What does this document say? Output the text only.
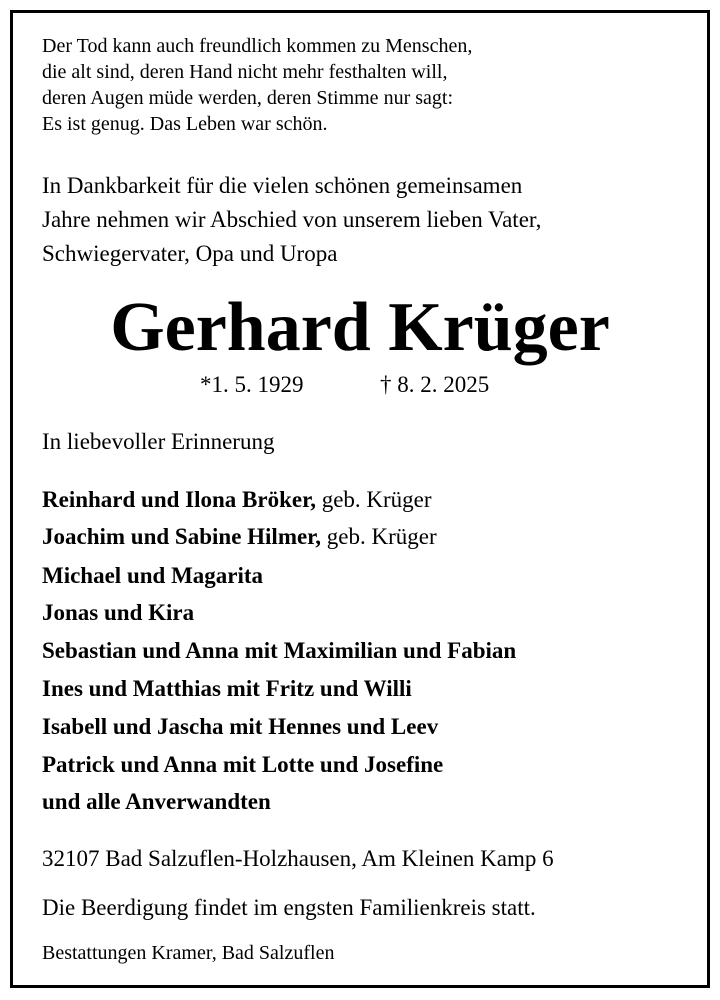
Der Tod kann auch freundlich kommen zu Menschen,
die alt sind, deren Hand nicht mehr festhalten will,
deren Augen müde werden, deren Stimme nur sagt:
Es ist genug. Das Leben war schön.
In Dankbarkeit für die vielen schönen gemeinsamen
Jahre nehmen wir Abschied von unserem lieben Vater,
Schwiegervater, Opa und Uropa
Gerhard Krüger
*1. 5. 1929	† 8. 2. 2025
In liebevoller Erinnerung
Reinhard und Ilona Bröker, geb. Krüger
Joachim und Sabine Hilmer, geb. Krüger
Michael und Magarita
Jonas und Kira
Sebastian und Anna mit Maximilian und Fabian
Ines und Matthias mit Fritz und Willi
Isabell und Jascha mit Hennes und Leev
Patrick und Anna mit Lotte und Josefine
und alle Anverwandten
32107 Bad Salzuflen-Holzhausen, Am Kleinen Kamp 6
Die Beerdigung findet im engsten Familienkreis statt.
Bestattungen Kramer, Bad Salzuflen
